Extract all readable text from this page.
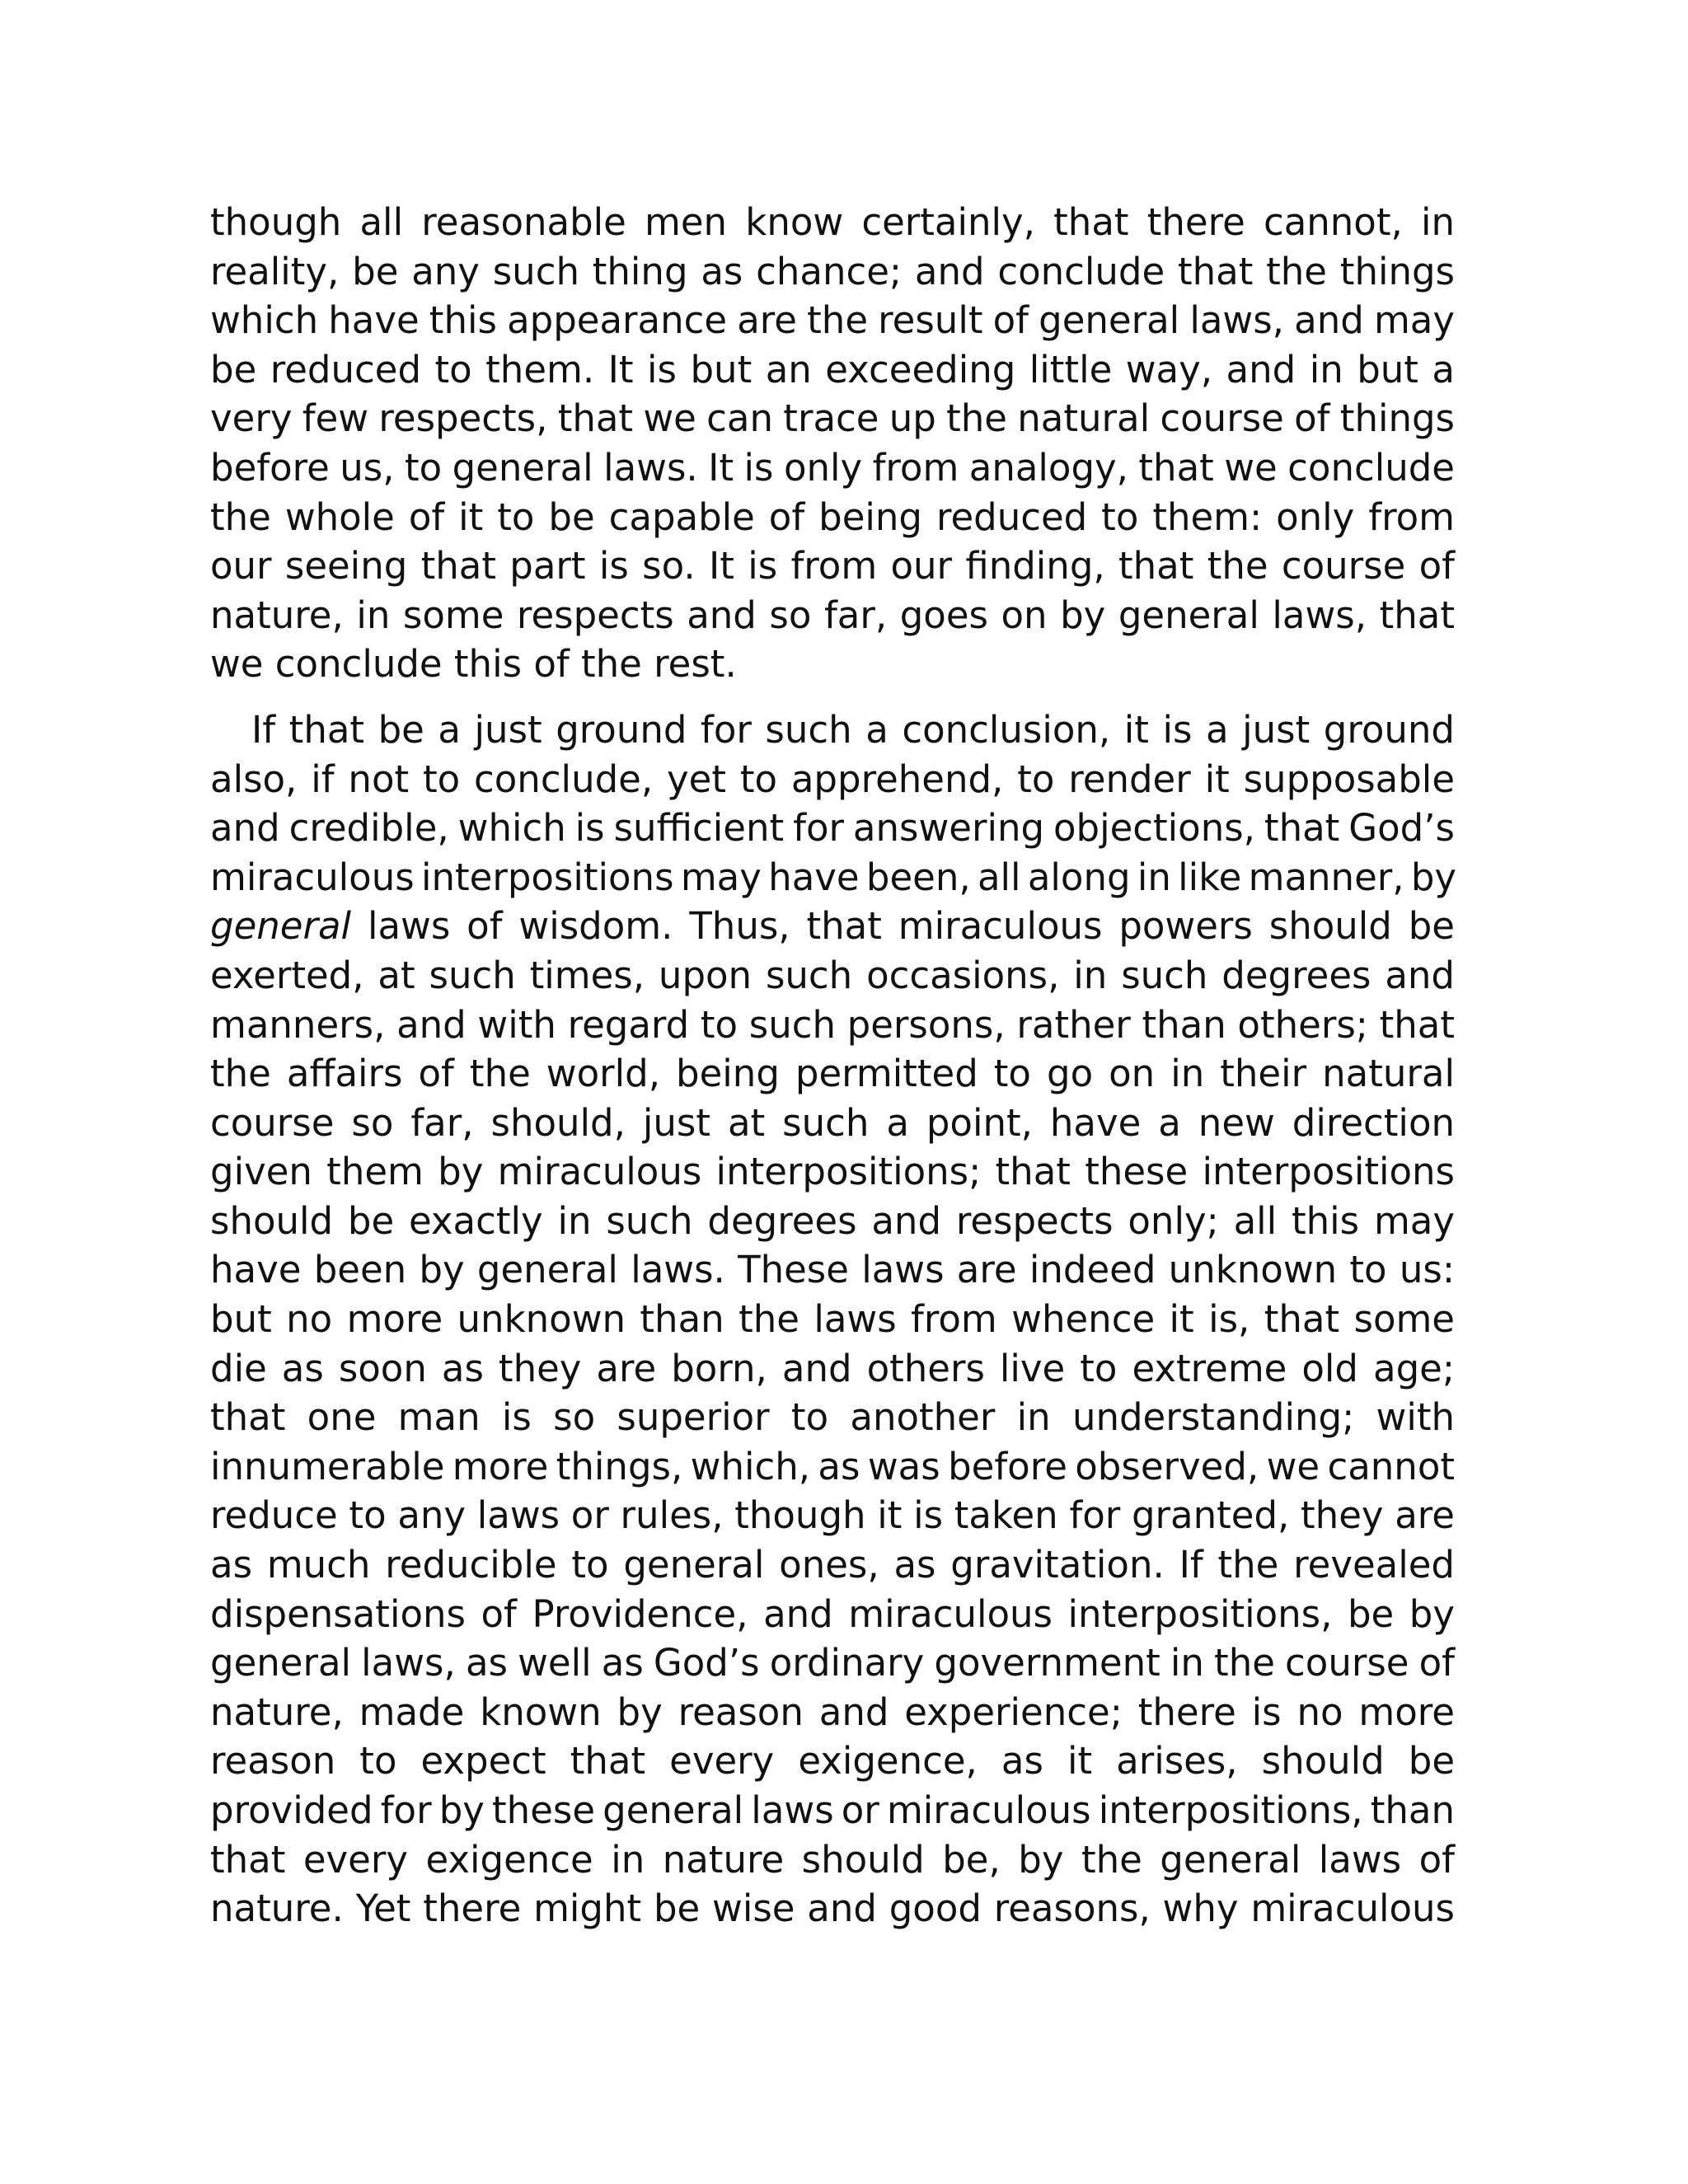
though all reasonable men know certainly, that there cannot, in
reality, be any such thing as chance; and conclude that the things
which have this appearance are the result of general laws, and may
be reduced to them. It is but an exceeding little way, and in but a
very few respects, that we can trace up the natural course of things
before us, to general laws. It is only from analogy, that we conclude
the whole of it to be capable of being reduced to them: only from
our seeing that part is so. It is from our finding, that the course of
nature, in some respects and so far, goes on by general laws, that
we conclude this of the rest.

If that be a just ground for such a conclusion, it is a just ground
also, if not to conclude, yet to apprehend, to render it supposable
and credible, which is sufficient for answering objections, that God’s
miraculous interpositions may have been, all along in like manner, by
general laws of wisdom. Thus, that miraculous powers should be
exerted, at such times, upon such occasions, in such degrees and
manners, and with regard to such persons, rather than others; that
the affairs of the world, being permitted to go on in their natural
course so far, should, just at such a point, have a new direction
given them by miraculous interpositions; that these interpositions
should be exactly in such degrees and respects only; all this may
have been by general laws. These laws are indeed unknown to us:
but no more unknown than the laws from whence it is, that some
die as soon as they are born, and others live to extreme old age;
that one man is so superior to another in understanding; with
innumerable more things, which, as was before observed, we cannot
reduce to any laws or rules, though it is taken for granted, they are
as much reducible to general ones, as gravitation. If the revealed
dispensations of Providence, and miraculous interpositions, be by
general laws, as well as God’s ordinary government in the course of
nature, made known by reason and experience; there is no more
reason to expect that every exigence, as it arises, should be
provided for by these general laws or miraculous interpositions, than
that every exigence in nature should be, by the general laws of
nature. Yet there might be wise and good reasons, why miraculous
